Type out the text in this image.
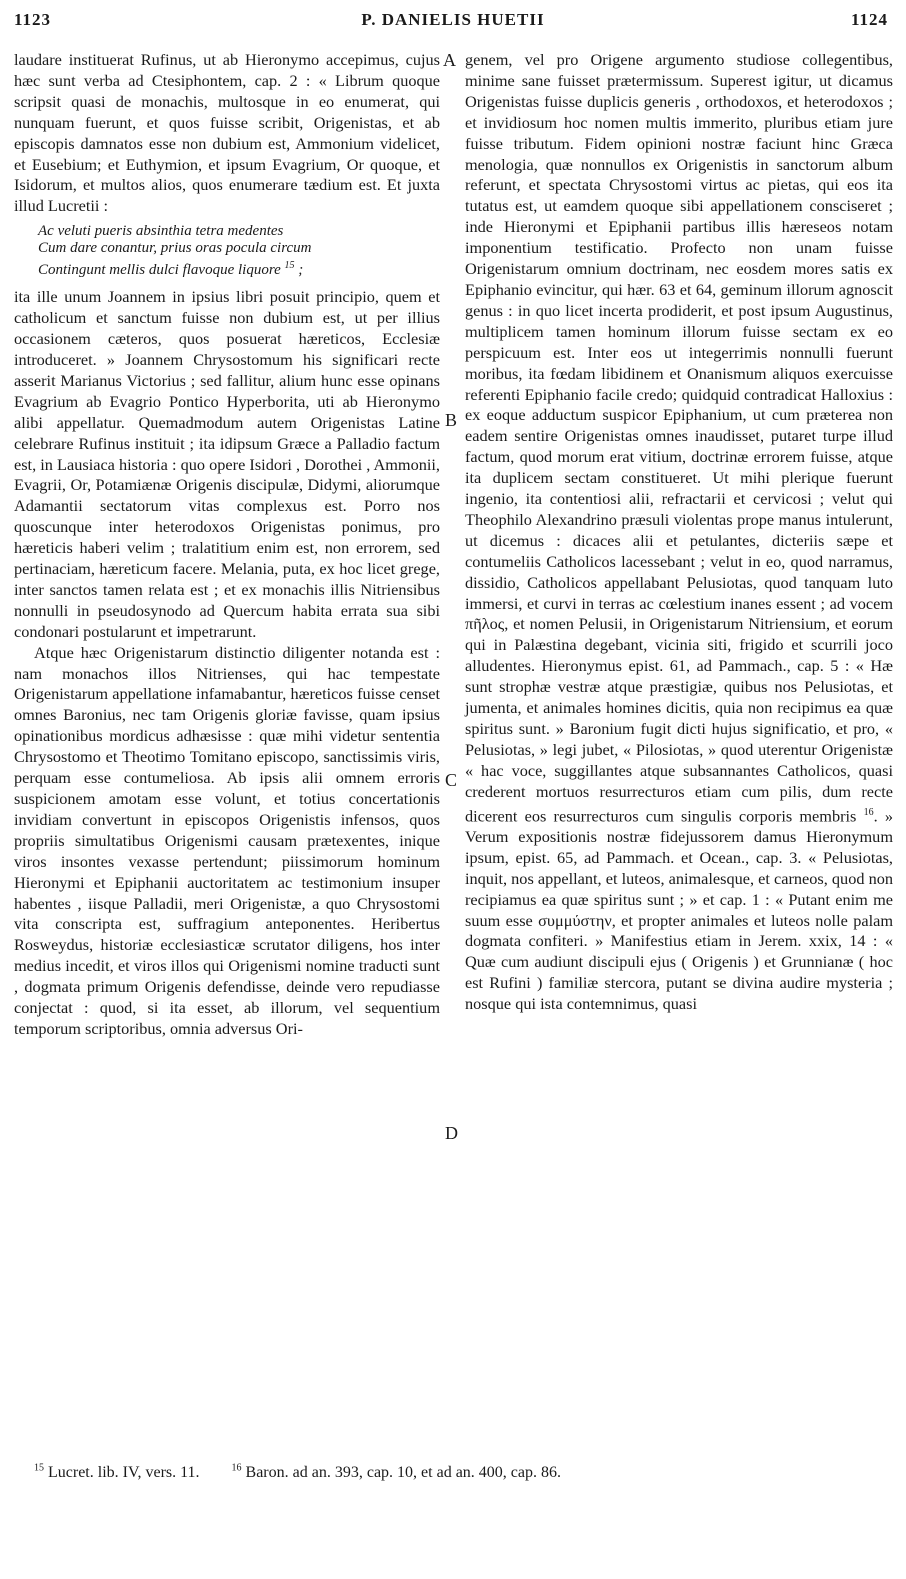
1123	P. DANIELIS HUETII	1124
A
B
C
D

laudare instituerat Rufinus, ut ab Hieronymo accepimus, cujus hæc sunt verba ad Ctesiphontem, cap. 2 : « Librum quoque scripsit quasi de monachis, multosque in eo enumerat, qui nunquam fuerunt, et quos fuisse scribit, Origenistas, et ab episcopis damnatos esse non dubium est, Ammonium videlicet, et Eusebium; et Euthymion, et ipsum Evagrium, Or quoque, et Isidorum, et multos alios, quos enumerare tædium est. Et juxta illud Lucretii :

Ac veluti pueris absinthia tetra medentes
Cum dare conantur, prius oras pocula circum
Contingunt mellis dulci flavoque liquore $^{15}$ ;

ita ille unum Joannem in ipsius libri posuit principio, quem et catholicum et sanctum fuisse non dubium est, ut per illius occasionem cæteros, quos posuerat hæreticos, Ecclesiæ introduceret. » Joannem Chrysostomum his significari recte asserit Marianus Victorius ; sed fallitur, alium hunc esse opinans Evagrium ab Evagrio Pontico Hyperborita, uti ab Hieronymo alibi appellatur. Quemadmodum autem Origenistas Latine celebrare Rufinus instituit ; ita idipsum Græce a Palladio factum est, in Lausiaca historia : quo opere Isidori , Dorothei , Ammonii, Evagrii, Or, Potamiænæ Origenis discipulæ, Didymi, aliorumque Adamantii sectatorum vitas complexus est. Porro nos quoscunque inter heterodoxos Origenistas ponimus, pro hæreticis haberi velim ; tralatitium enim est, non errorem, sed pertinaciam, hæreticum facere. Melania, puta, ex hoc licet grege, inter sanctos tamen relata est ; et ex monachis illis Nitriensibus nonnulli in pseudosynodo ad Quercum habita errata sua sibi condonari postularunt et impetrarunt.

Atque hæc Origenistarum distinctio diligenter notanda est : nam monachos illos Nitrienses, qui hac tempestate Origenistarum appellatione infamabantur, hæreticos fuisse censet omnes Baronius, nec tam Origenis gloriæ favisse, quam ipsius opinationibus mordicus adhæsisse : quæ mihi videtur sententia Chrysostomo et Theotimo Tomitano episcopo, sanctissimis viris, perquam esse contumeliosa. Ab ipsis alii omnem erroris suspicionem amotam esse volunt, et totius concertationis invidiam convertunt in episcopos Origenistis infensos, quos propriis simultatibus Origenismi causam prætexentes, inique viros insontes vexasse pertendunt; piissimorum hominum Hieronymi et Epiphanii auctoritatem ac testimonium insuper habentes , iisque Palladii, meri Origenistæ, a quo Chrysostomi vita conscripta est, suffragium anteponentes. Heribertus Rosweydus, historiæ ecclesiasticæ scrutator diligens, hos inter medius incedit, et viros illos qui Origenismi nomine traducti sunt , dogmata primum Origenis defendisse, deinde vero repudiasse conjectat : quod, si ita esset, ab illorum, vel sequentium temporum scriptoribus, omnia adversus Ori-

genem, vel pro Origene argumento studiose collegentibus, minime sane fuisset prætermissum. Superest igitur, ut dicamus Origenistas fuisse duplicis generis , orthodoxos, et heterodoxos ; et invidiosum hoc nomen multis immerito, pluribus etiam jure fuisse tributum. Fidem opinioni nostræ faciunt hinc Græca menologia, quæ nonnullos ex Origenistis in sanctorum album referunt, et spectata Chrysostomi virtus ac pietas, qui eos ita tutatus est, ut eamdem quoque sibi appellationem consciseret ; inde Hieronymi et Epiphanii partibus illis hæreseos notam imponentium testificatio. Profecto non unam fuisse Origenistarum omnium doctrinam, nec eosdem mores satis ex Epiphanio evincitur, qui hær. 63 et 64, geminum illorum agnoscit genus : in quo licet incerta prodiderit, et post ipsum Augustinus, multiplicem tamen hominum illorum fuisse sectam ex eo perspicuum est. Inter eos ut integerrimis nonnulli fuerunt moribus, ita fœdam libidinem et Onanismum aliquos exercuisse referenti Epiphanio facile credo; quidquid contradicat Halloxius : ex eoque adductum suspicor Epiphanium, ut cum præterea non eadem sentire Origenistas omnes inaudisset, putaret turpe illud factum, quod morum erat vitium, doctrinæ errorem fuisse, atque ita duplicem sectam constitueret. Ut mihi plerique fuerunt ingenio, ita contentiosi alii, refractarii et cervicosi ; velut qui Theophilo Alexandrino præsuli violentas prope manus intulerunt, ut dicemus : dicaces alii et petulantes, dicteriis sæpe et contumeliis Catholicos lacessebant ; velut in eo, quod narramus, dissidio, Catholicos appellabant Pelusiotas, quod tanquam luto immersi, et curvi in terras ac cœlestium inanes essent ; ad vocem πῆλος, et nomen Pelusii, in Origenistarum Nitriensium, et eorum qui in Palæstina degebant, vicinia siti, frigido et scurrili joco alludentes. Hieronymus epist. 61, ad Pammach., cap. 5 : « Hæ sunt strophæ vestræ atque præstigiæ, quibus nos Pelusiotas, et jumenta, et animales homines dicitis, quia non recipimus ea quæ spiritus sunt. » Baronium fugit dicti hujus significatio, et pro, « Pelusiotas, » legi jubet, « Pilosiotas, » quod uterentur Origenistæ « hac voce, suggillantes atque subsannantes Catholicos, quasi crederent mortuos resurrecturos etiam cum pilis, dum recte dicerent eos resurrecturos cum singulis corporis membris $^{16}$. » Verum expositionis nostræ fidejussorem damus Hieronymum ipsum, epist. 65, ad Pammach. et Ocean., cap. 3. « Pelusiotas, inquit, nos appellant, et luteos, animalesque, et carneos, quod non recipiamus ea quæ spiritus sunt ; » et cap. 1 : « Putant enim me suum esse συμμύστην, et propter animales et luteos nolle palam dogmata confiteri. » Manifestius etiam in Jerem. xxix, 14 : « Quæ cum audiunt discipuli ejus ( Origenis ) et Grunnianæ ( hoc est Rufini ) familiæ stercora, putant se divina audire mysteria ; nosque qui ista contemnimus, quasi

$^{15}$ Lucret. lib. IV, vers. 11.	$^{16}$ Baron. ad an. 393, cap. 10, et ad an. 400, cap. 86.
